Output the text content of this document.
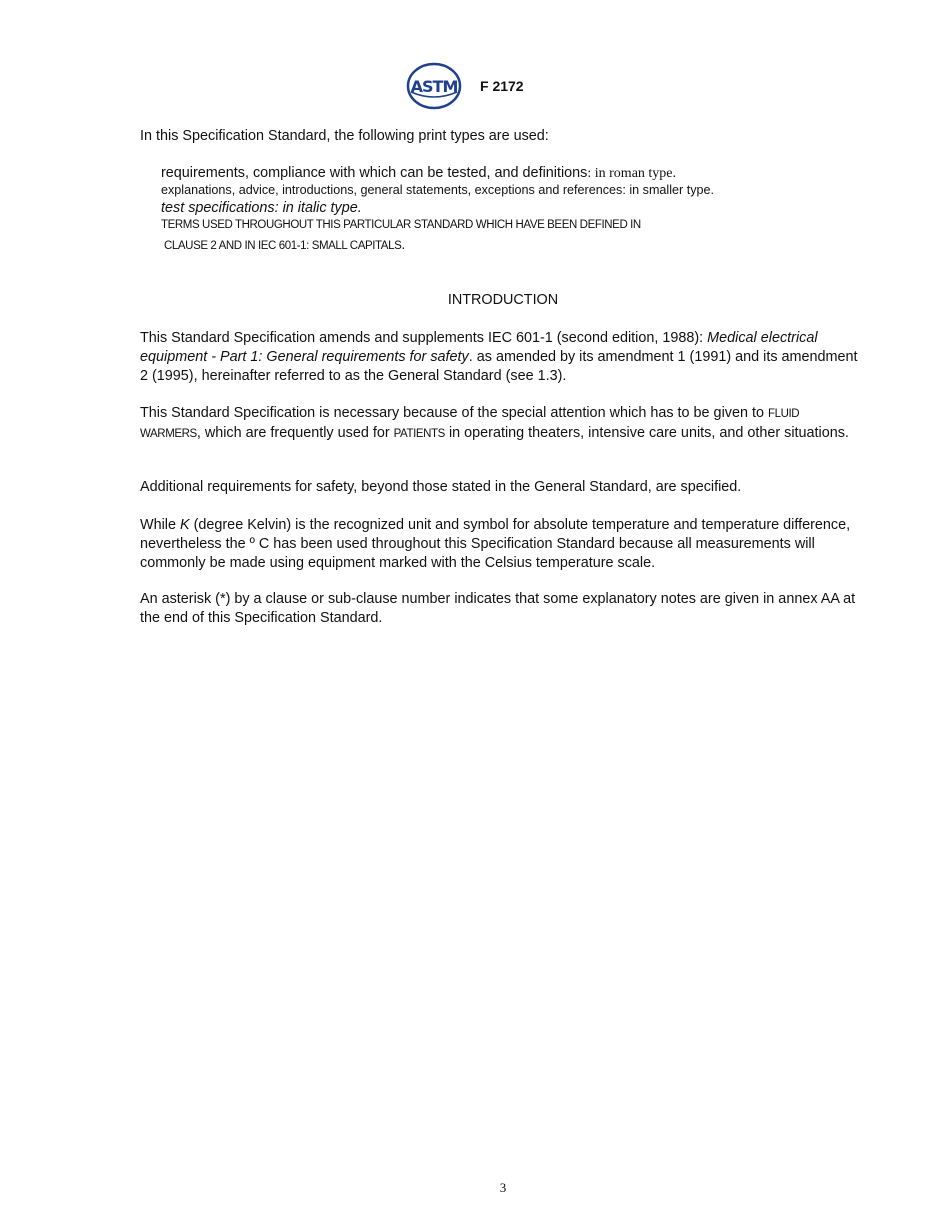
ASTM F 2172

In this Specification Standard, the following print types are used:

requirements, compliance with which can be tested, and definitions: in roman type.
explanations, advice, introductions, general statements, exceptions and references: in smaller type.
test specifications: in italic type.
TERMS USED THROUGHOUT THIS PARTICULAR STANDARD WHICH HAVE BEEN DEFINED IN
CLAUSE 2 AND IN IEC 601-1: SMALL CAPITALS.
INTRODUCTION

This Standard Specification amends and supplements IEC 601-1 (second edition, 1988): Medical electrical equipment - Part 1: General requirements for safety. as amended by its amendment 1 (1991) and its amendment 2 (1995), hereinafter referred to as the General Standard (see 1.3).

This Standard Specification is necessary because of the special attention which has to be given to FLUID WARMERS, which are frequently used for PATIENTS in operating theaters, intensive care units, and other situations.

Additional requirements for safety, beyond those stated in the General Standard, are specified.

While K (degree Kelvin) is the recognized unit and symbol for absolute temperature and temperature difference, nevertheless the º C has been used throughout this Specification Standard because all measurements will commonly be made using equipment marked with the Celsius temperature scale.

An asterisk (*) by a clause or sub-clause number indicates that some explanatory notes are given in annex AA at the end of this Specification Standard.

3
